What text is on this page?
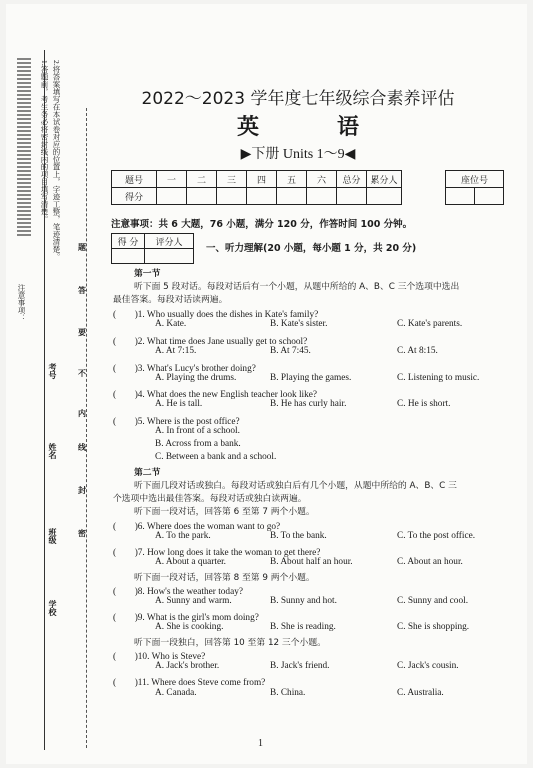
注意事项：
1.答题前，考生务必将密封线内的项目填写清楚。 2.将答案填写在本试卷对应的位置上，字迹工整，笔迹清楚。
学校
班级
姓名
考号
密
封
线
内
不
要
答
题
2022～2023 学年度七年级综合素养评估
英　语
▶下册 Units 1～9◀
题号	一	二	三	四	五	六	总分	累分人
得分								
座位号

注意事项：共 6 大题，76 小题，满分 120 分，作答时间 100 分钟。
得 分	评分人

一、听力理解(20 小题，每小题 1 分，共 20 分)
第一节
听下面 5 段对话。每段对话后有一个小题，从题中所给的 A、B、C 三个选项中选出
最佳答案。每段对话读两遍。
(　　)1. Who usually does the dishes in Kate's family?
A. Kate.	B. Kate's sister.	C. Kate's parents.
(　　)2. What time does Jane usually get to school?
A. At 7:15.	B. At 7:45.	C. At 8:15.
(　　)3. What's Lucy's brother doing?
A. Playing the drums.	B. Playing the games.	C. Listening to music.
(　　)4. What does the new English teacher look like?
A. He is tall.	B. He has curly hair.	C. He is short.
(　　)5. Where is the post office?
A. In front of a school.
B. Across from a bank.
C. Between a bank and a school.
第二节
听下面几段对话或独白。每段对话或独白后有几个小题，从题中所给的 A、B、C 三
个选项中选出最佳答案。每段对话或独白读两遍。
听下面一段对话，回答第 6 至第 7 两个小题。
(　　)6. Where does the woman want to go?
A. To the park.	B. To the bank.	C. To the post office.
(　　)7. How long does it take the woman to get there?
A. About a quarter.	B. About half an hour.	C. About an hour.
听下面一段对话，回答第 8 至第 9 两个小题。
(　　)8. How's the weather today?
A. Sunny and warm.	B. Sunny and hot.	C. Sunny and cool.
(　　)9. What is the girl's mom doing?
A. She is cooking.	B. She is reading.	C. She is shopping.
听下面一段独白，回答第 10 至第 12 三个小题。
(　　)10. Who is Steve?
A. Jack's brother.	B. Jack's friend.	C. Jack's cousin.
(　　)11. Where does Steve come from?
A. Canada.	B. China.	C. Australia.
1
